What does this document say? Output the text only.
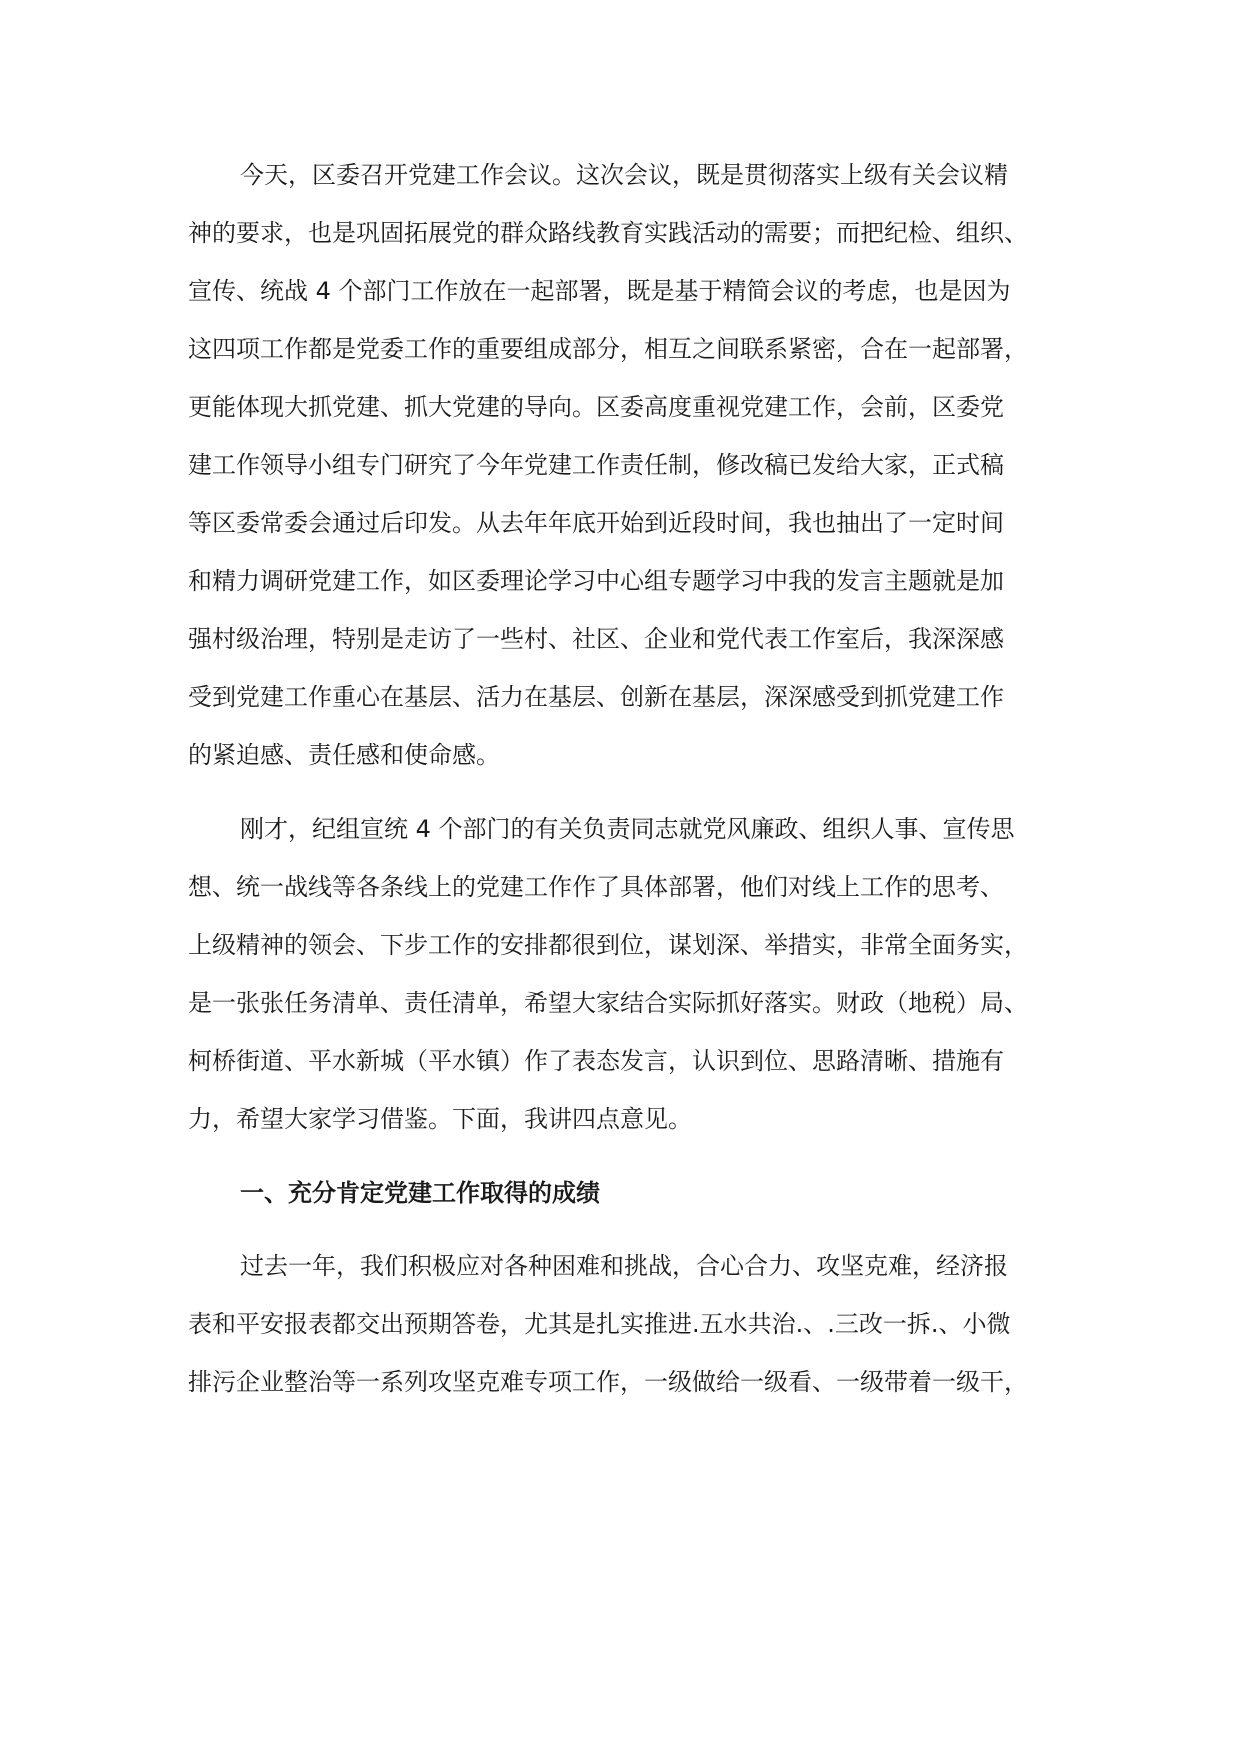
今天，区委召开党建工作会议。这次会议，既是贯彻落实上级有关会议精
神的要求，也是巩固拓展党的群众路线教育实践活动的需要；而把纪检、组织、
宣传、统战 4 个部门工作放在一起部署，既是基于精简会议的考虑，也是因为
这四项工作都是党委工作的重要组成部分，相互之间联系紧密，合在一起部署，
更能体现大抓党建、抓大党建的导向。区委高度重视党建工作，会前，区委党
建工作领导小组专门研究了今年党建工作责任制，修改稿已发给大家，正式稿
等区委常委会通过后印发。从去年年底开始到近段时间，我也抽出了一定时间
和精力调研党建工作，如区委理论学习中心组专题学习中我的发言主题就是加
强村级治理，特别是走访了一些村、社区、企业和党代表工作室后，我深深感
受到党建工作重心在基层、活力在基层、创新在基层，深深感受到抓党建工作
的紧迫感、责任感和使命感。
刚才，纪组宣统 4 个部门的有关负责同志就党风廉政、组织人事、宣传思
想、统一战线等各条线上的党建工作作了具体部署，他们对线上工作的思考、
上级精神的领会、下步工作的安排都很到位，谋划深、举措实，非常全面务实，
是一张张任务清单、责任清单，希望大家结合实际抓好落实。财政（地税）局、
柯桥街道、平水新城（平水镇）作了表态发言，认识到位、思路清晰、措施有
力，希望大家学习借鉴。下面，我讲四点意见。
一、充分肯定党建工作取得的成绩
过去一年，我们积极应对各种困难和挑战，合心合力、攻坚克难，经济报
表和平安报表都交出预期答卷，尤其是扎实推进.五水共治.、.三改一拆.、小微
排污企业整治等一系列攻坚克难专项工作，一级做给一级看、一级带着一级干，
